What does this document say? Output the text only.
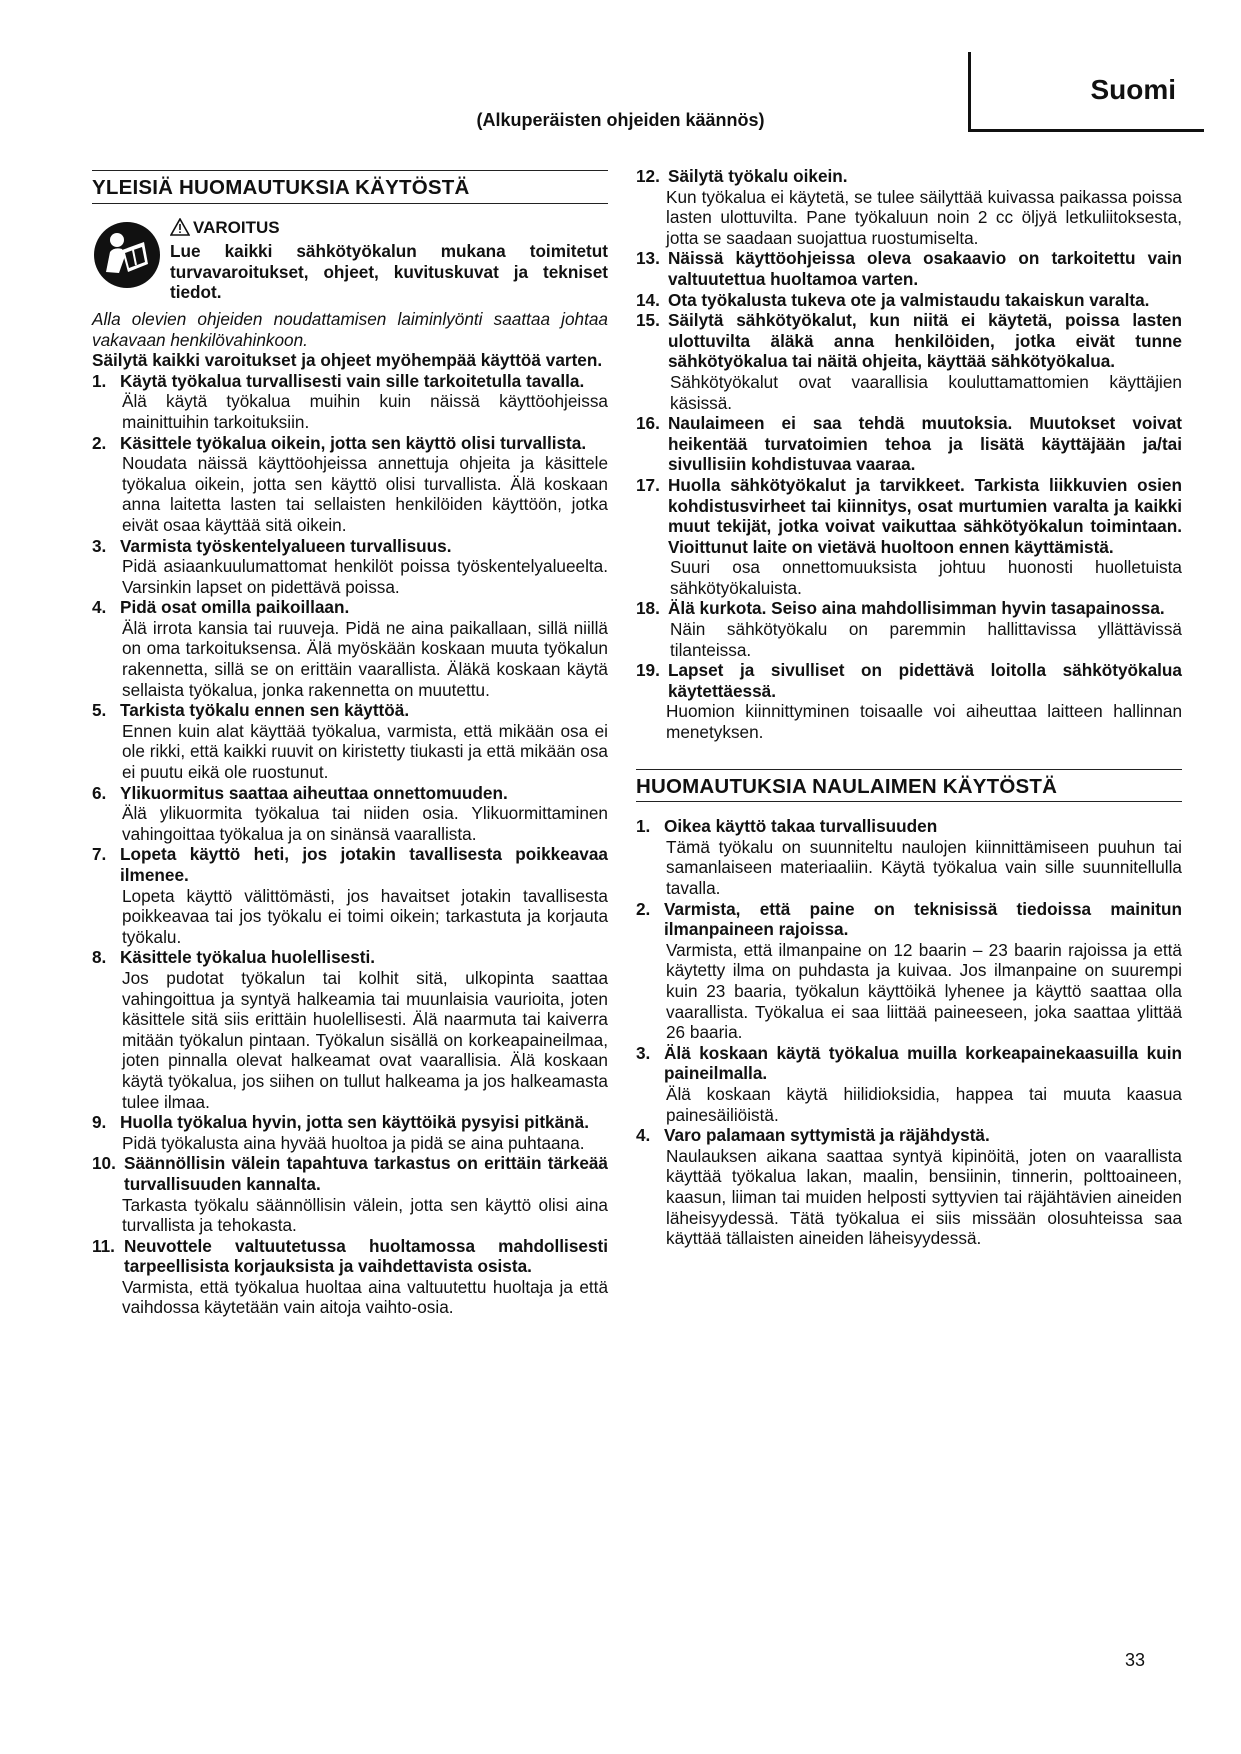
Suomi
(Alkuperäisten ohjeiden käännös)
YLEISIÄ HUOMAUTUKSIA KÄYTÖSTÄ
VAROITUS
Lue kaikki sähkötyökalun mukana toimitetut turvavaroitukset, ohjeet, kuvituskuvat ja tekniset tiedot.
Alla olevien ohjeiden noudattamisen laiminlyönti saattaa johtaa vakavaan henkilövahinkoon.
Säilytä kaikki varoitukset ja ohjeet myöhempää käyttöä varten.
1. Käytä työkalua turvallisesti vain sille tarkoitetulla tavalla.
Älä käytä työkalua muihin kuin näissä käyttöohjeissa mainittuihin tarkoituksiin.
2. Käsittele työkalua oikein, jotta sen käyttö olisi turvallista.
Noudata näissä käyttöohjeissa annettuja ohjeita ja käsittele työkalua oikein, jotta sen käyttö olisi turvallista. Älä koskaan anna laitetta lasten tai sellaisten henkilöiden käyttöön, jotka eivät osaa käyttää sitä oikein.
3. Varmista työskentelyalueen turvallisuus.
Pidä asiaankuulumattomat henkilöt poissa työskentelyalueelta. Varsinkin lapset on pidettävä poissa.
4. Pidä osat omilla paikoillaan.
Älä irrota kansia tai ruuveja. Pidä ne aina paikallaan, sillä niillä on oma tarkoituksensa. Älä myöskään koskaan muuta työkalun rakennetta, sillä se on erittäin vaarallista. Äläkä koskaan käytä sellaista työkalua, jonka rakennetta on muutettu.
5. Tarkista työkalu ennen sen käyttöä.
Ennen kuin alat käyttää työkalua, varmista, että mikään osa ei ole rikki, että kaikki ruuvit on kiristetty tiukasti ja että mikään osa ei puutu eikä ole ruostunut.
6. Ylikuormitus saattaa aiheuttaa onnettomuuden.
Älä ylikuormita työkalua tai niiden osia. Ylikuormittaminen vahingoittaa työkalua ja on sinänsä vaarallista.
7. Lopeta käyttö heti, jos jotakin tavallisesta poikkeavaa ilmenee.
Lopeta käyttö välittömästi, jos havaitset jotakin tavallisesta poikkeavaa tai jos työkalu ei toimi oikein; tarkastuta ja korjauta työkalu.
8. Käsittele työkalua huolellisesti.
Jos pudotat työkalun tai kolhit sitä, ulkopinta saattaa vahingoittua ja syntyä halkeamia tai muunlaisia vaurioita, joten käsittele sitä siis erittäin huolellisesti. Älä naarmuta tai kaiverra mitään työkalun pintaan. Työkalun sisällä on korkeapaineilmaa, joten pinnalla olevat halkeamat ovat vaarallisia. Älä koskaan käytä työkalua, jos siihen on tullut halkeama ja jos halkeamasta tulee ilmaa.
9. Huolla työkalua hyvin, jotta sen käyttöikä pysyisi pitkänä.
Pidä työkalusta aina hyvää huoltoa ja pidä se aina puhtaana.
10. Säännöllisin välein tapahtuva tarkastus on erittäin tärkeää turvallisuuden kannalta.
Tarkasta työkalu säännöllisin välein, jotta sen käyttö olisi aina turvallista ja tehokasta.
11. Neuvottele valtuutetussa huoltamossa mahdollisesti tarpeellisista korjauksista ja vaihdettavista osista.
Varmista, että työkalua huoltaa aina valtuutettu huoltaja ja että vaihdossa käytetään vain aitoja vaihto-osia.
12. Säilytä työkalu oikein.
Kun työkalua ei käytetä, se tulee säilyttää kuivassa paikassa poissa lasten ulottuvilta. Pane työkaluun noin 2 cc öljyä letkuliitoksesta, jotta se saadaan suojattua ruostumiselta.
13. Näissä käyttöohjeissa oleva osakaavio on tarkoitettu vain valtuutettua huoltamoa varten.
14. Ota työkalusta tukeva ote ja valmistaudu takaiskun varalta.
15. Säilytä sähkötyökalut, kun niitä ei käytetä, poissa lasten ulottuvilta äläkä anna henkilöiden, jotka eivät tunne sähkötyökalua tai näitä ohjeita, käyttää sähkötyökalua.
Sähkötyökalut ovat vaarallisia kouluttamattomien käyttäjien käsissä.
16. Naulaimeen ei saa tehdä muutoksia. Muutokset voivat heikentää turvatoimien tehoa ja lisätä käyttäjään ja/tai sivullisiin kohdistuvaa vaaraa.
17. Huolla sähkötyökalut ja tarvikkeet. Tarkista liikkuvien osien kohdistusvirheet tai kiinnitys, osat murtumien varalta ja kaikki muut tekijät, jotka voivat vaikuttaa sähkötyökalun toimintaan. Vioittunut laite on vietävä huoltoon ennen käyttämistä.
Suuri osa onnettomuuksista johtuu huonosti huolletuista sähkötyökaluista.
18. Älä kurkota. Seiso aina mahdollisimman hyvin tasapainossa.
Näin sähkötyökalu on paremmin hallittavissa yllättävissä tilanteissa.
19. Lapset ja sivulliset on pidettävä loitolla sähkötyökalua käytettäessä.
Huomion kiinnittyminen toisaalle voi aiheuttaa laitteen hallinnan menetyksen.
HUOMAUTUKSIA NAULAIMEN KÄYTÖSTÄ
1. Oikea käyttö takaa turvallisuuden
Tämä työkalu on suunniteltu naulojen kiinnittämiseen puuhun tai samanlaiseen materiaaliin. Käytä työkalua vain sille suunnitellulla tavalla.
2. Varmista, että paine on teknisissä tiedoissa mainitun ilmanpaineen rajoissa.
Varmista, että ilmanpaine on 12 baarin – 23 baarin rajoissa ja että käytetty ilma on puhdasta ja kuivaa. Jos ilmanpaine on suurempi kuin 23 baaria, työkalun käyttöikä lyhenee ja käyttö saattaa olla vaarallista. Työkalua ei saa liittää paineeseen, joka saattaa ylittää 26 baaria.
3. Älä koskaan käytä työkalua muilla korkeapainekaasuilla kuin paineilmalla.
Älä koskaan käytä hiilidioksidia, happea tai muuta kaasua painesäiliöistä.
4. Varo palamaan syttymistä ja räjähdystä.
Naulauksen aikana saattaa syntyä kipinöitä, joten on vaarallista käyttää työkalua lakan, maalin, bensiinin, tinnerin, polttoaineen, kaasun, liiman tai muiden helposti syttyvien tai räjähtävien aineiden läheisyydessä. Tätä työkalua ei siis missään olosuhteissa saa käyttää tällaisten aineiden läheisyydessä.
33
